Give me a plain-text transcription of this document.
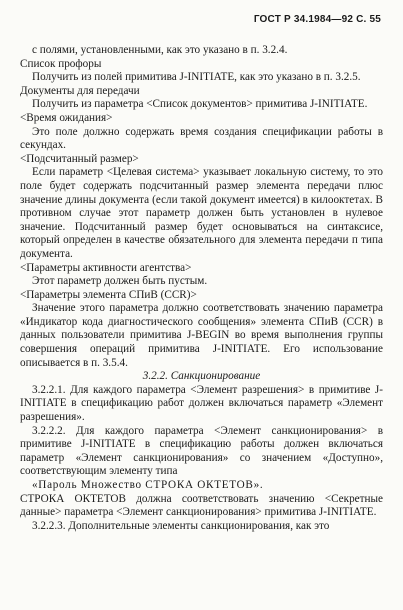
ГОСТ Р 34.1984—92 С. 55

с полями, установленными, как это указано в п. 3.2.4.

Список профоры

Получить из полей примитива J-INITIATE, как это указано в п. 3.2.5.

Документы для передачи

Получить из параметра <Список документов> примитива J-INITIATE.

<Время ожидания>

Это поле должно содержать время создания спецификации работы в секундах.

<Подсчитанный размер>

Если параметр <Целевая система> указывает локальную систему, то это поле будет содержать подсчитанный размер элемента передачи плюс значение длины документа (если такой документ имеется) в килооктетах. В противном случае этот параметр должен быть установлен в нулевое значение. Подсчитанный размер будет основываться на синтаксисе, который определен в качестве обязательного для элемента передачи п типа документа.

<Параметры активности агентства>

Этот параметр должен быть пустым.

<Параметры элемента СПиВ (CCR)>

Значение этого параметра должно соответствовать значению параметра «Индикатор кода диагностического сообщения» элемента СПиВ (CCR) в данных пользователи примитива J-BEGIN во время выполнения группы совершения операций примитива J-INITIATE. Его использование описывается в п. 3.5.4.

3.2.2. Санкционирование

3.2.2.1. Для каждого параметра <Элемент разрешения> в примитиве J-INITIATE в спецификацию работ должен включаться параметр «Элемент разрешения».

3.2.2.2. Для каждого параметра <Элемент санкционирования> в примитиве J-INITIATE в спецификацию работы должен включаться параметр «Элемент санкционирования» со значением «Доступно», соответствующим элементу типа

«Пароль Множество СТРОКА ОКТЕТОВ».

СТРОКА ОКТЕТОВ должна соответствовать значению <Секретные данные> параметра <Элемент санкционирования> примитива J-INITIATE.

3.2.2.3. Дополнительные элементы санкционирования, как это
